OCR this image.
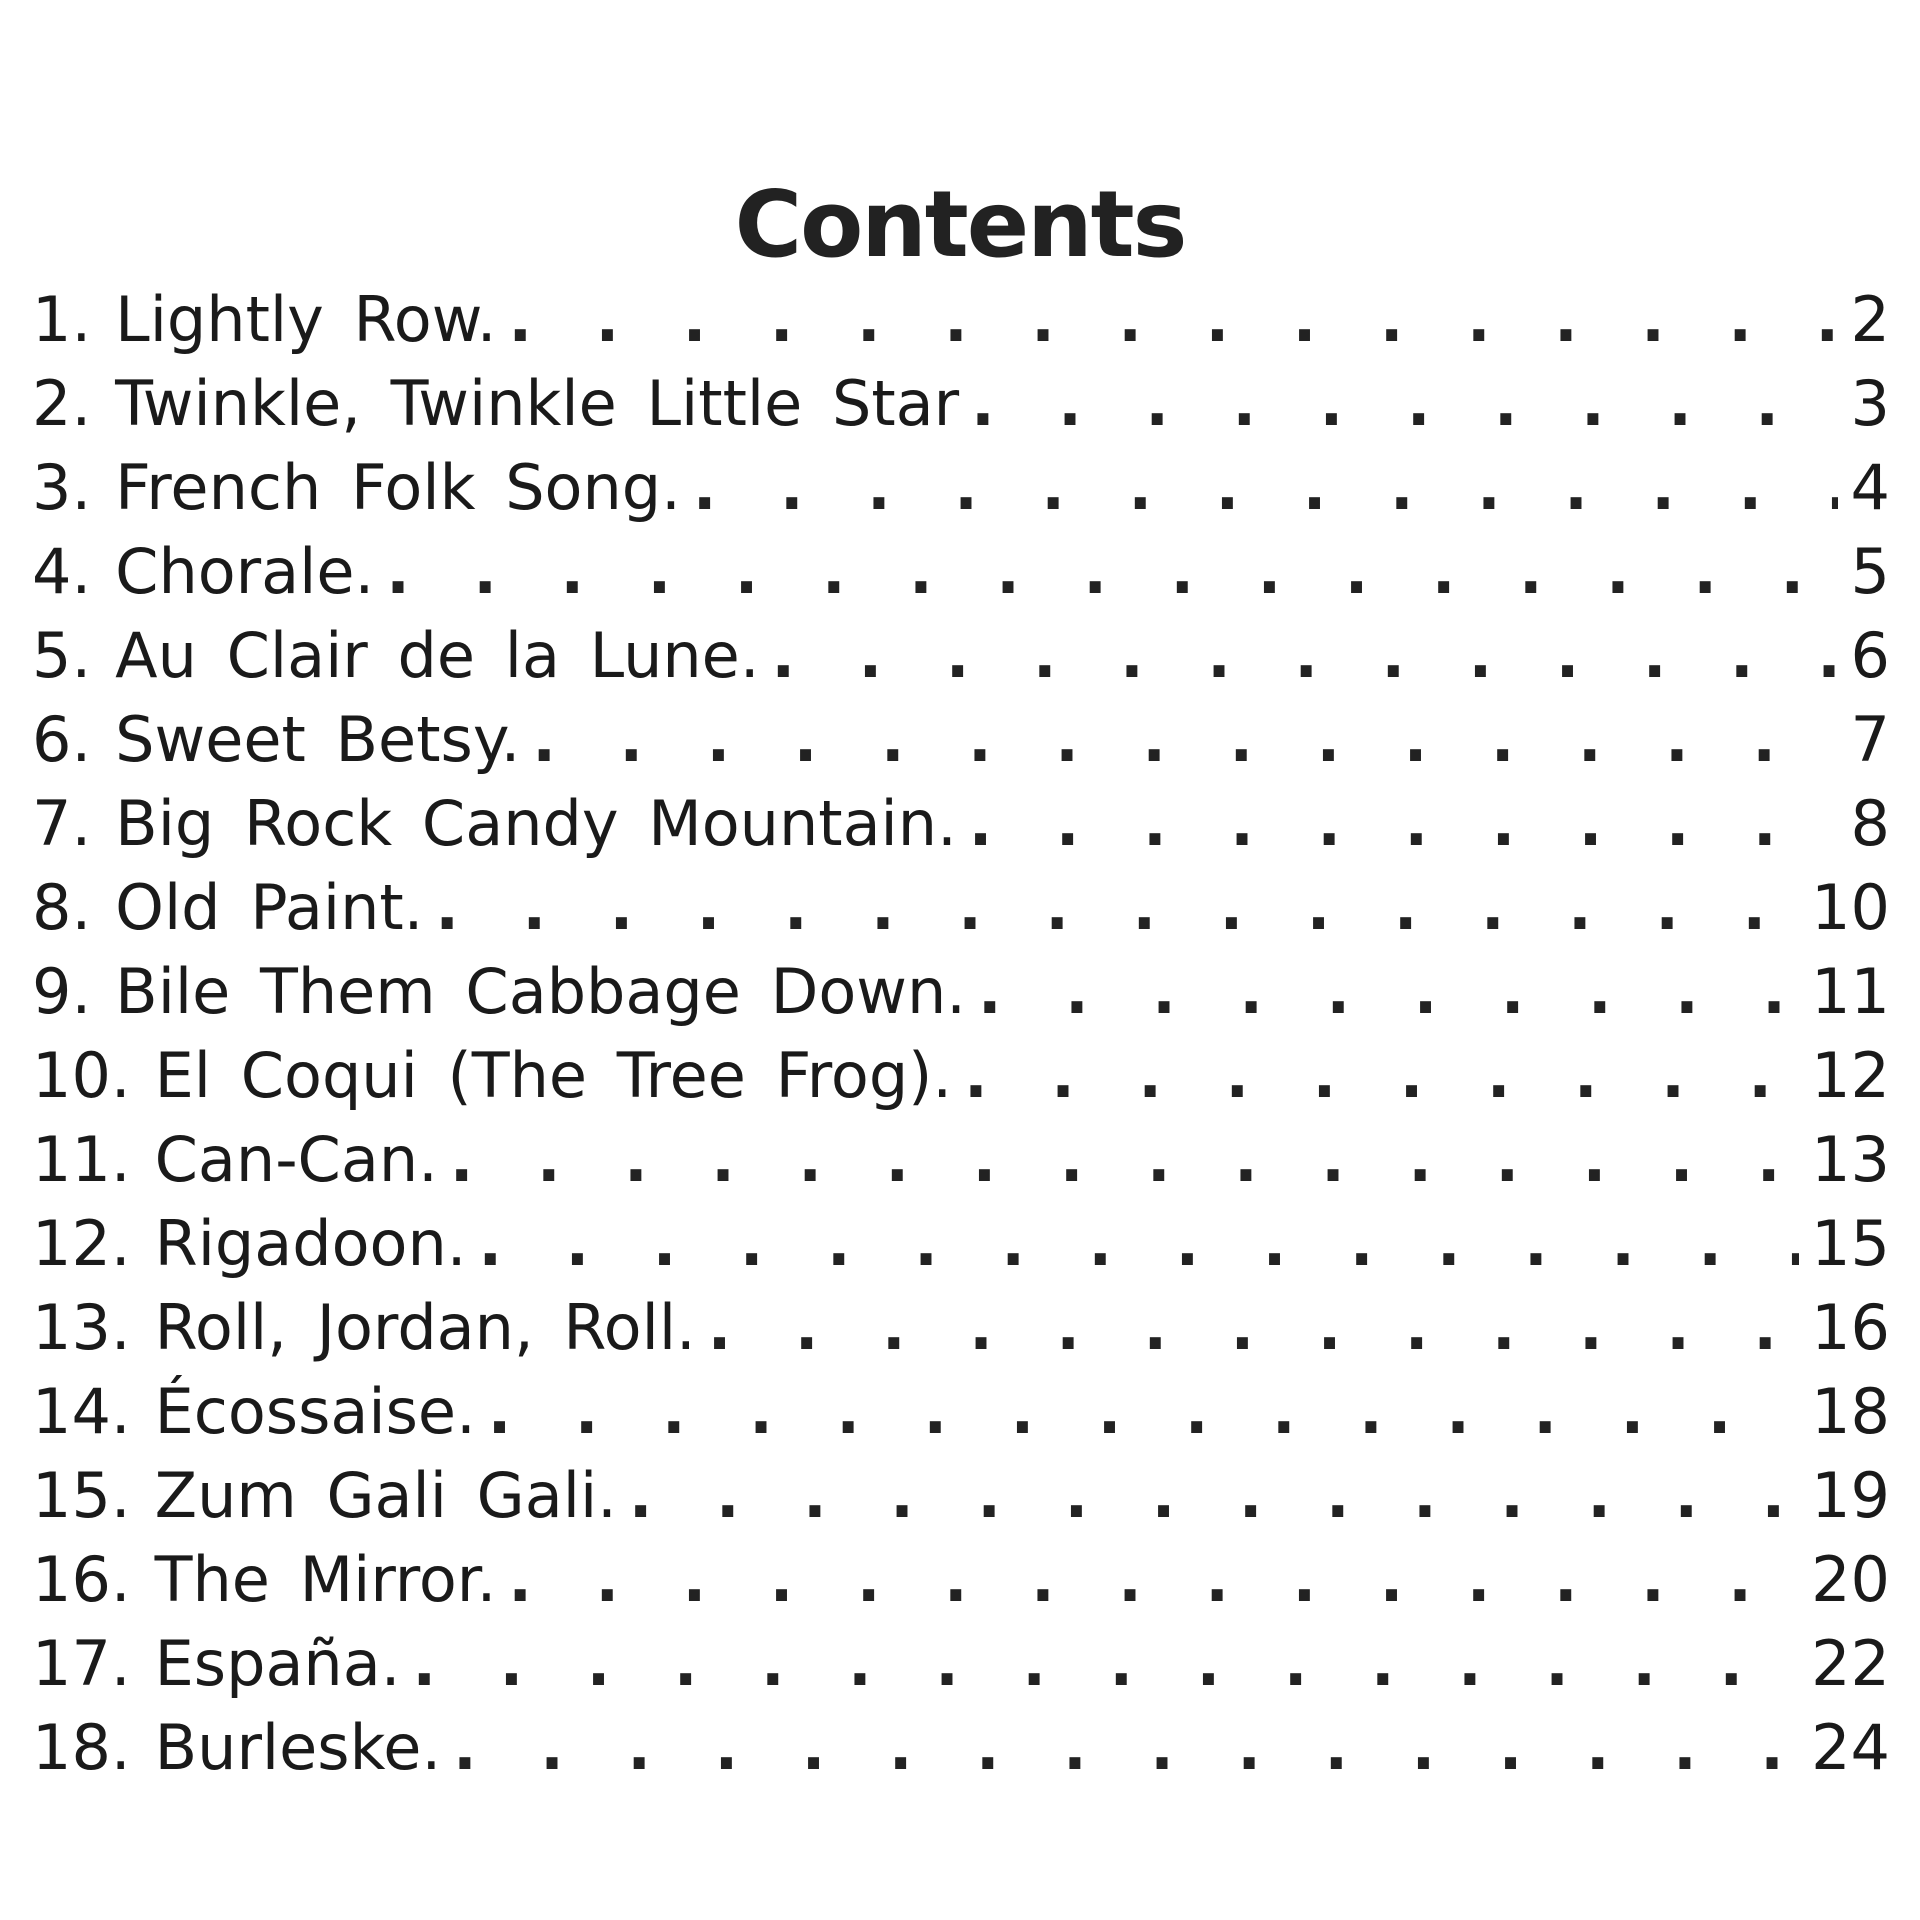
Contents
1. Lightly Row. . . .	2
2. Twinkle, Twinkle Little Star . . .	3
3. French Folk Song. . . .	4
4. Chorale. . . .	5
5. Au Clair de la Lune. . . .	6
6. Sweet Betsy. . . .	7
7. Big Rock Candy Mountain. . . .	8
8. Old Paint. . . .	10
9. Bile Them Cabbage Down. . . .	11
10. El Coqui (The Tree Frog). . . .	12
11. Can-Can. . . .	13
12. Rigadoon. . . .	15
13. Roll, Jordan, Roll. . . .	16
14. Écossaise. . . .	18
15. Zum Gali Gali. . . .	19
16. The Mirror. . . .	20
17. España. . . .	22
18. Burleske. . . .	24
